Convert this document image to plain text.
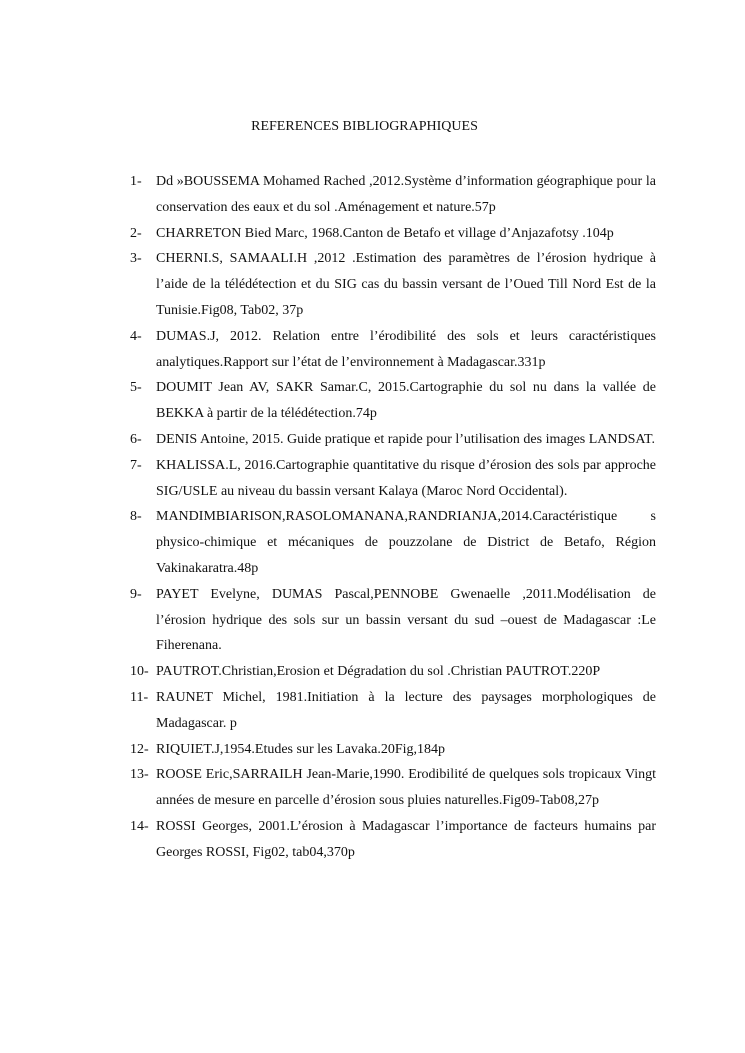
REFERENCES BIBLIOGRAPHIQUES
1-	Dd »BOUSSEMA Mohamed Rached ,2012.Système d’information géographique pour la conservation des eaux et du sol .Aménagement et nature.57p
2-	CHARRETON Bied Marc, 1968.Canton de Betafo et village d’Anjazafotsy .104p
3-	CHERNI.S, SAMAALI.H ,2012 .Estimation des paramètres de l’érosion hydrique à l’aide de la télédétection et du SIG cas du bassin versant de l’Oued Till Nord Est de la Tunisie.Fig08, Tab02, 37p
4-	DUMAS.J, 2012. Relation entre l’érodibilité des sols et leurs caractéristiques analytiques.Rapport sur l’état de l’environnement à Madagascar.331p
5-	DOUMIT Jean AV, SAKR Samar.C, 2015.Cartographie du sol nu dans la vallée de BEKKA à partir de la télédétection.74p
6-	DENIS Antoine, 2015. Guide pratique et rapide pour l’utilisation des images LANDSAT.
7-	KHALISSA.L, 2016.Cartographie quantitative du risque d’érosion des sols par approche SIG/USLE au niveau du bassin versant Kalaya (Maroc Nord Occidental).
8-	MANDIMBIARISON,RASOLOMANANA,RANDRIANJA,2014.Caractéristique s physico-chimique et mécaniques de pouzzolane de District de Betafo, Région Vakinakaratra.48p
9-	PAYET Evelyne, DUMAS Pascal,PENNOBE Gwenaelle ,2011.Modélisation de l’érosion hydrique des sols sur un bassin versant du sud –ouest de Madagascar :Le Fiherenana.
10- PAUTROT.Christian,Erosion et Dégradation du sol .Christian PAUTROT.220P
11- RAUNET Michel, 1981.Initiation à la lecture des paysages morphologiques de Madagascar. p
12- RIQUIET.J,1954.Etudes sur les Lavaka.20Fig,184p
13- ROOSE Eric,SARRAILH Jean-Marie,1990. Erodibilité de quelques sols tropicaux Vingt années de mesure en parcelle d’érosion sous pluies naturelles.Fig09-Tab08,27p
14- ROSSI Georges, 2001.L’érosion à Madagascar l’importance de facteurs humains par Georges ROSSI, Fig02, tab04,370p
